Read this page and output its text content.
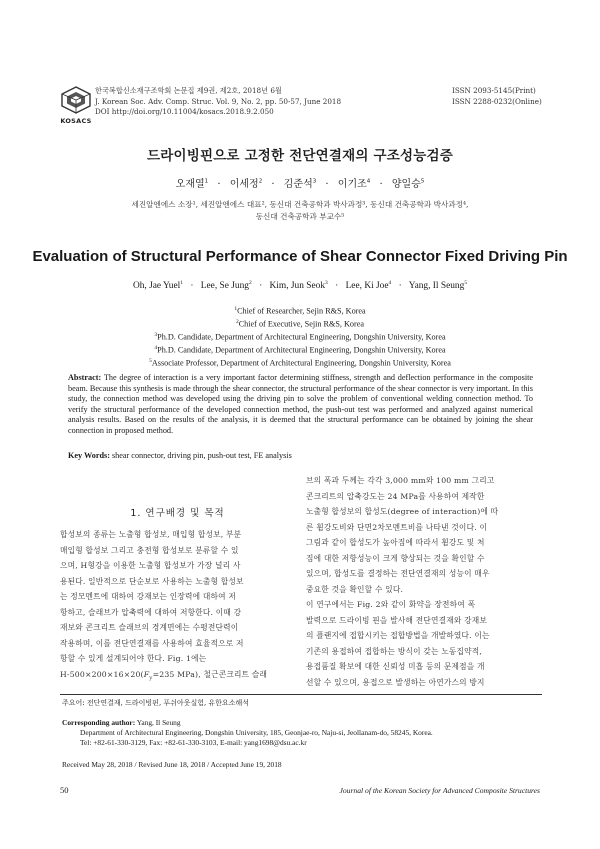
KOSACS
한국복합신소재구조학회 논문집 제9권, 제2호, 2018년 6월
J. Korean Soc. Adv. Comp. Struc. Vol. 9, No. 2, pp. 50-57, June 2018
DOI http://doi.org/10.11004/kosacs.2018.9.2.050
ISSN 2093-5145(Print)
ISSN 2288-0232(Online)
드라이빙핀으로 고정한 전단연결재의 구조성능검증
오재열$^1$ · 이세정$^2$ · 김준석$^3$ · 이기조$^4$ · 양일승$^5$
세진알엔에스 소장¹, 세진알엔에스 대표², 동신대 건축공학과 박사과정³, 동신대 건축공학과 박사과정⁴,
동신대 건축공학과 부교수⁵
Evaluation of Structural Performance of Shear Connector Fixed Driving Pin
Oh, Jae Yuel$^1$ · Lee, Se Jung$^2$ · Kim, Jun Seok$^3$ · Lee, Ki Joe$^4$ · Yang, Il Seung$^5$
$^1$Chief of Researcher, Sejin R&S, Korea
$^2$Chief of Executive, Sejin R&S, Korea
$^3$Ph.D. Candidate, Department of Architectural Engineering, Dongshin University, Korea
$^4$Ph.D. Candidate, Department of Architectural Engineering, Dongshin University, Korea
$^5$Associate Professor, Department of Architectural Engineering, Dongshin University, Korea
Abstract: The degree of interaction is a very important factor determining stiffness, strength and deflection performance in the composite beam. Because this synthesis is made through the shear connector, the structural performance of the shear connector is very important. In this study, the connection method was developed using the driving pin to solve the problem of conventional welding connection method. To verify the structural performance of the developed connection method, the push-out test was performed and analyzed against numerical analysis results. Based on the results of the analysis, it is deemed that the structural performance can be obtained by joining the shear connection in proposed method.
Key Words: shear connector, driving pin, push-out test, FE analysis
1. 연구배경 및 목적
합성보의 종류는 노출형 합성보, 매입형 합성보, 부분
매입형 합성보 그리고 충전형 합성보로 분류할 수 있
으며, H형강을 이용한 노출형 합성보가 가장 널리 사
용된다. 일반적으로 단순보로 사용하는 노출형 합성보
는 정모멘트에 대하여 강재보는 인장력에 대하여 저
항하고, 슬래브가 압축력에 대하여 저항한다. 이때 강
재보와 콘크리트 슬래브의 경계면에는 수평전단력이
작용하며, 이를 전단연결재를 사용하여 효율적으로 저
항할 수 있게 설계되어야 한다. Fig. 1에는
$H-500\times 200\times 16\times 20(F_y=235$ MPa), 철근콘크리트 슬래
브의 폭과 두께는 각각 3,000 mm와 100 mm 그리고
콘크리트의 압축강도는 24 MPa를 사용하여 제작한
노출형 합성보의 합성도(degree of interaction)에 따
른 휨강도비와 단면2차모멘트비를 나타낸 것이다. 이
그림과 같이 합성도가 높아짐에 따라서 휨강도 및 처
짐에 대한 저항성능이 크게 향상되는 것을 확인할 수
있으며, 합성도를 결정하는 전단연결재의 성능이 매우
중요한 것을 확인할 수 있다.
이 연구에서는 Fig. 2와 같이 화약을 장전하여 폭
발력으로 드라이빙 핀을 발사해 전단연결재와 강재보
의 플랜지에 접합시키는 접합방법을 개발하였다. 이는
기존의 용접하여 접합하는 방식이 갖는 노동집약적,
용접품질 확보에 대한 신뢰성 미흡 등의 문제점을 개
선할 수 있으며, 용접으로 발생하는 아연가스의 방지
주요어: 전단연결재, 드라이빙핀, 푸쉬아웃실험, 유한요소해석
Corresponding author: Yang, Il Seung
Department of Architectural Engineering, Dongshin University, 185, Geonjae-ro, Naju-si, Jeollanam-do, 58245, Korea.
Tel: +82-61-330-3129, Fax: +82-61-330-3103, E-mail: yang1698@dsu.ac.kr
Received May 28, 2018 / Revised June 18, 2018 / Accepted June 19, 2018
50	Journal of the Korean Society for Advanced Composite Structures
